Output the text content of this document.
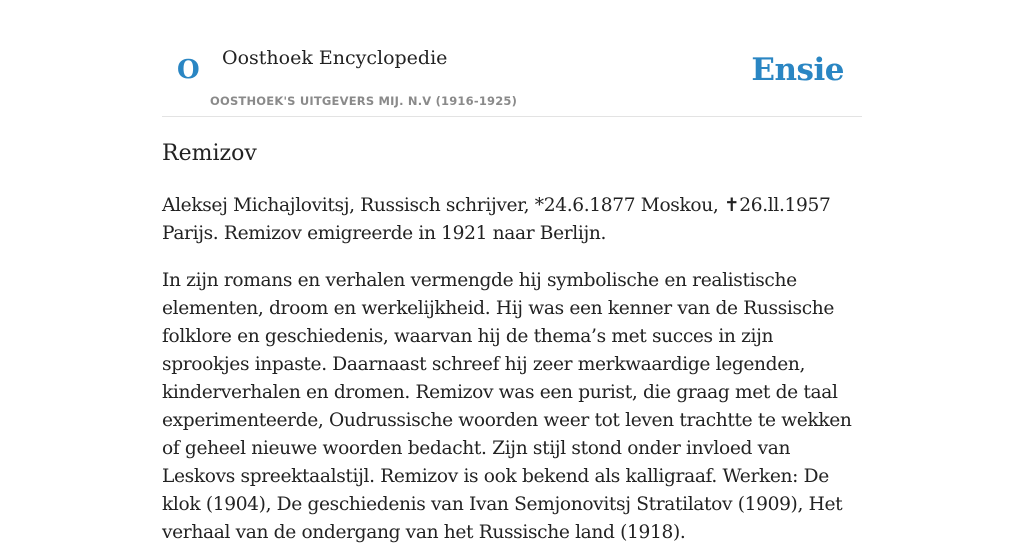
O Oosthoek Encyclopedie
OOSTHOEK'S UITGEVERS MIJ. N.V (1916-1925)
Ensie
Remizov

Aleksej Michajlovitsj, Russisch schrijver, *24.6.1877 Moskou, ✝26.ll.1957 Parijs. Remizov emigreerde in 1921 naar Berlijn.

In zijn romans en verhalen vermengde hij symbolische en realistische elementen, droom en werkelijkheid. Hij was een kenner van de Russische folklore en geschiedenis, waarvan hij de thema’s met succes in zijn sprookjes inpaste. Daarnaast schreef hij zeer merkwaardige legenden, kinderverhalen en dromen. Remizov was een purist, die graag met de taal experimenteerde, Oudrussische woorden weer tot leven trachtte te wekken of geheel nieuwe woorden bedacht. Zijn stijl stond onder invloed van Leskovs spreektaalstijl. Remizov is ook bekend als kalligraaf. Werken: De klok (1904), De geschiedenis van Ivan Semjonovitsj Stratilatov (1909), Het verhaal van de ondergang van het Russische land (1918).
